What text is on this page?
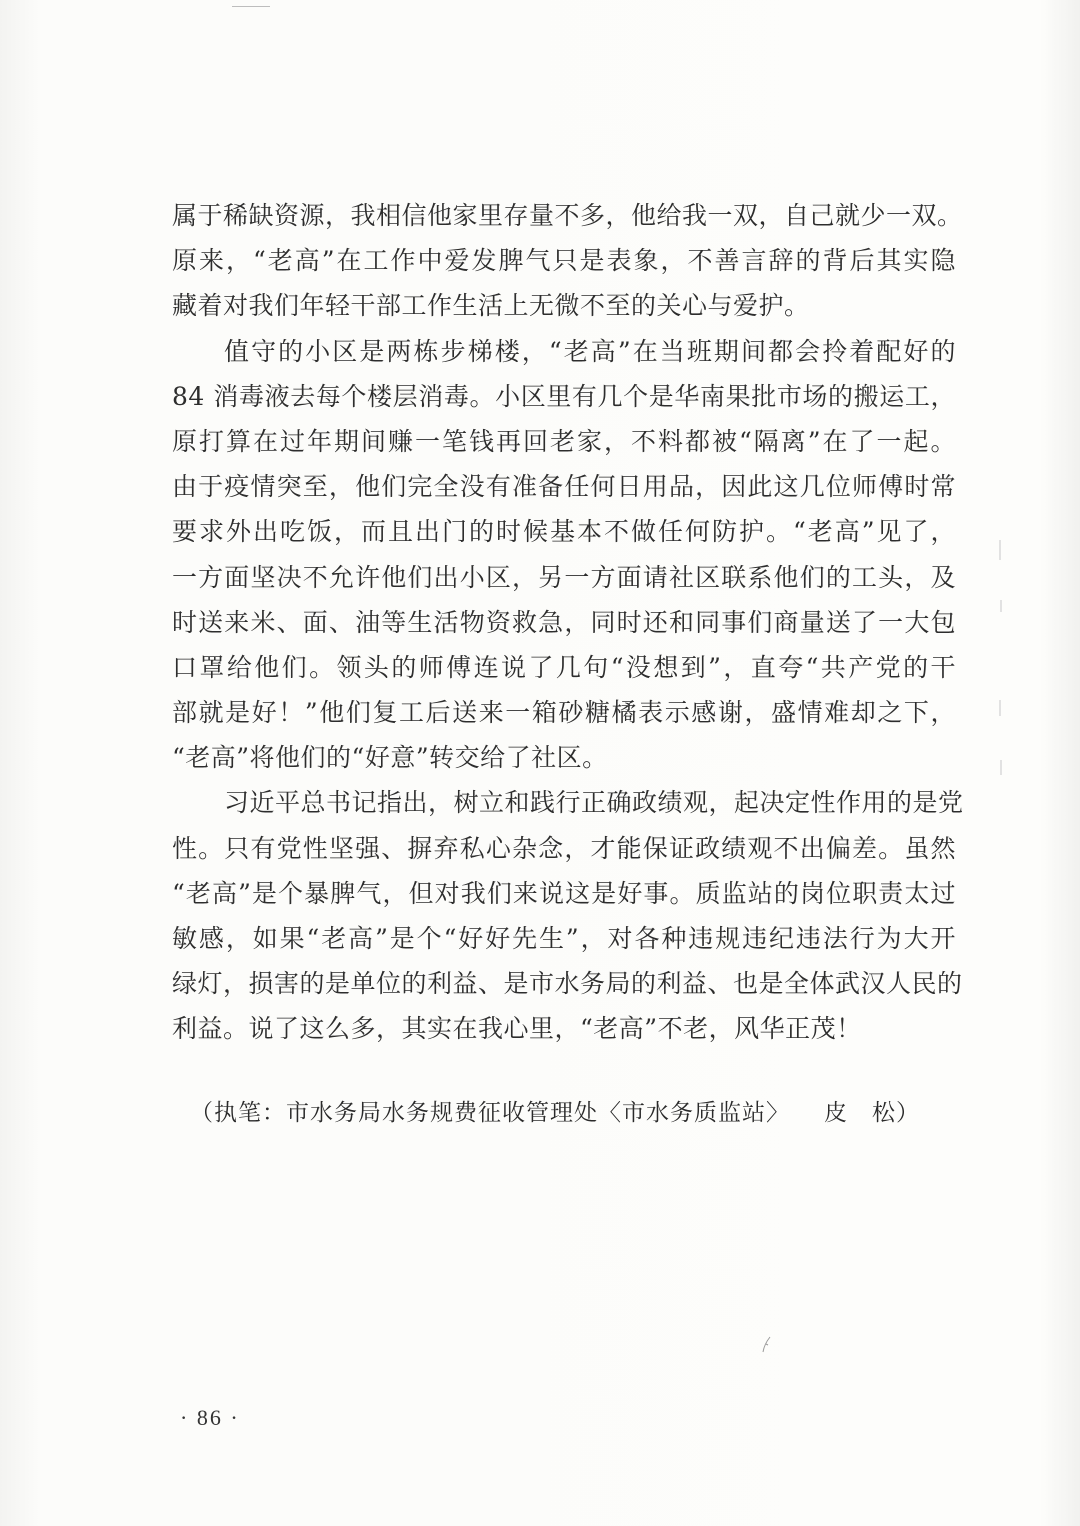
属于稀缺资源，我相信他家里存量不多，他给我一双，自己就少一双。
原来，“老高”在工作中爱发脾气只是表象，不善言辞的背后其实隐
藏着对我们年轻干部工作生活上无微不至的关心与爱护。
值守的小区是两栋步梯楼，“老高”在当班期间都会拎着配好的
84 消毒液去每个楼层消毒。小区里有几个是华南果批市场的搬运工，
原打算在过年期间赚一笔钱再回老家，不料都被“隔离”在了一起。
由于疫情突至，他们完全没有准备任何日用品，因此这几位师傅时常
要求外出吃饭，而且出门的时候基本不做任何防护。“老高”见了，
一方面坚决不允许他们出小区，另一方面请社区联系他们的工头，及
时送来米、面、油等生活物资救急，同时还和同事们商量送了一大包
口罩给他们。领头的师傅连说了几句“没想到”，直夸“共产党的干
部就是好！”他们复工后送来一箱砂糖橘表示感谢，盛情难却之下，
“老高”将他们的“好意”转交给了社区。
习近平总书记指出，树立和践行正确政绩观，起决定性作用的是党
性。只有党性坚强、摒弃私心杂念，才能保证政绩观不出偏差。虽然
“老高”是个暴脾气，但对我们来说这是好事。质监站的岗位职责太过
敏感，如果“老高”是个“好好先生”，对各种违规违纪违法行为大开
绿灯，损害的是单位的利益、是市水务局的利益、也是全体武汉人民的
利益。说了这么多，其实在我心里，“老高”不老，风华正茂！
（执笔：市水务局水务规费征收管理处〈市水务质监站〉 皮　松）
· 86 ·
